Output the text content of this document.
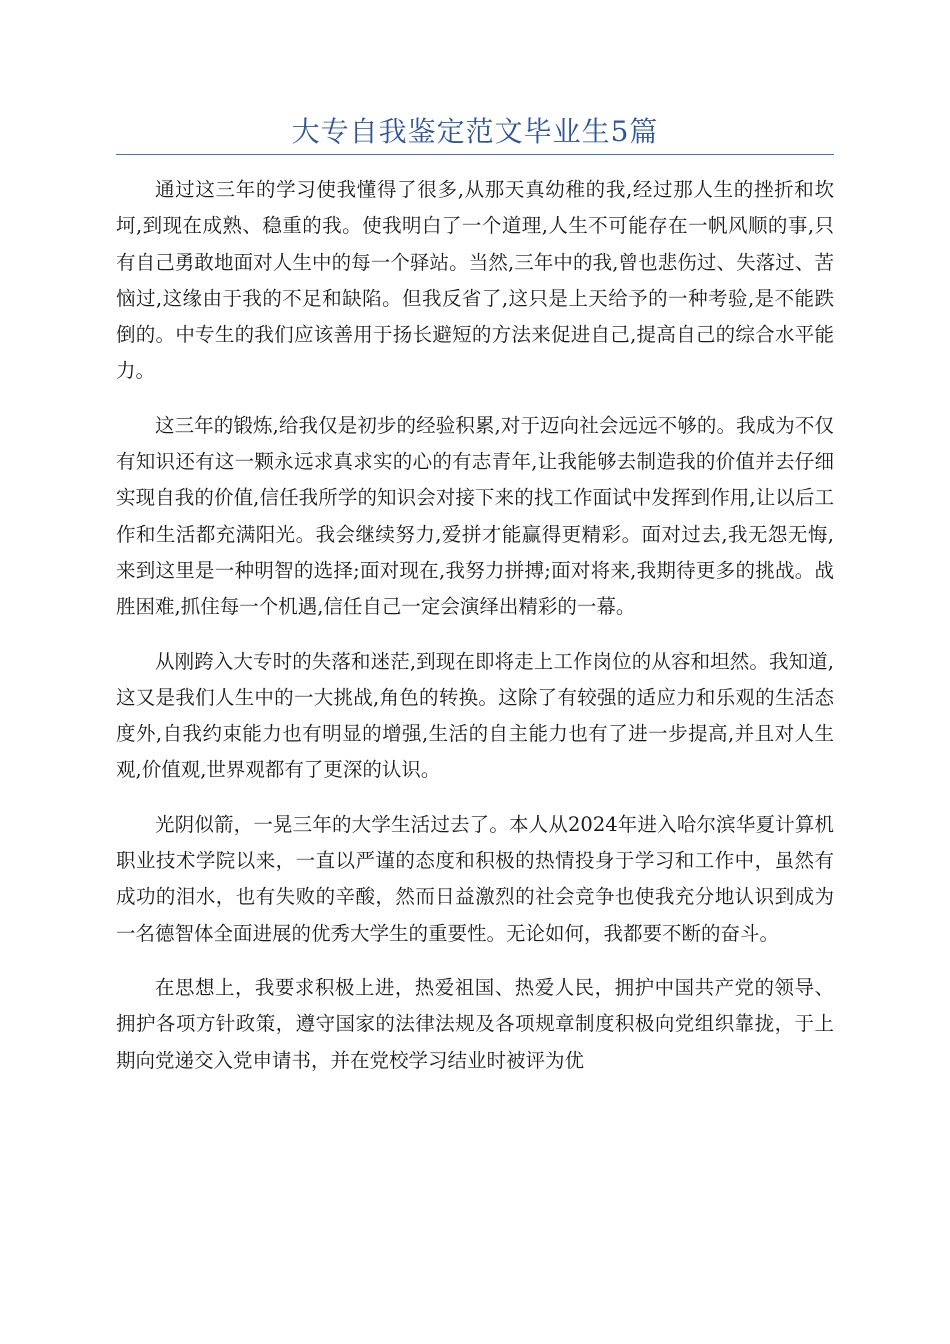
大专自我鉴定范文毕业生5篇

通过这三年的学习使我懂得了很多,从那天真幼稚的我,经过那人生的挫折和坎坷,到现在成熟、稳重的我。使我明白了一个道理,人生不可能存在一帆风顺的事,只有自己勇敢地面对人生中的每一个驿站。当然,三年中的我,曾也悲伤过、失落过、苦恼过,这缘由于我的不足和缺陷。但我反省了,这只是上天给予的一种考验,是不能跌倒的。中专生的我们应该善用于扬长避短的方法来促进自己,提高自己的综合水平能力。

这三年的锻炼,给我仅是初步的经验积累,对于迈向社会远远不够的。我成为不仅有知识还有这一颗永远求真求实的心的有志青年,让我能够去制造我的价值并去仔细实现自我的价值,信任我所学的知识会对接下来的找工作面试中发挥到作用,让以后工作和生活都充满阳光。我会继续努力,爱拼才能赢得更精彩。面对过去,我无怨无悔,来到这里是一种明智的选择;面对现在,我努力拼搏;面对将来,我期待更多的挑战。战胜困难,抓住每一个机遇,信任自己一定会演绎出精彩的一幕。

从刚跨入大专时的失落和迷茫,到现在即将走上工作岗位的从容和坦然。我知道,这又是我们人生中的一大挑战,角色的转换。这除了有较强的适应力和乐观的生活态度外,自我约束能力也有明显的增强,生活的自主能力也有了进一步提高,并且对人生观,价值观,世界观都有了更深的认识。

光阴似箭，一晃三年的大学生活过去了。本人从2024年进入哈尔滨华夏计算机职业技术学院以来，一直以严谨的态度和积极的热情投身于学习和工作中，虽然有成功的泪水，也有失败的辛酸，然而日益激烈的社会竞争也使我充分地认识到成为一名德智体全面进展的优秀大学生的重要性。无论如何，我都要不断的奋斗。

在思想上，我要求积极上进，热爱祖国、热爱人民，拥护中国共产党的领导、拥护各项方针政策，遵守国家的法律法规及各项规章制度积极向党组织靠拢，于上期向党递交入党申请书，并在党校学习结业时被评为优
